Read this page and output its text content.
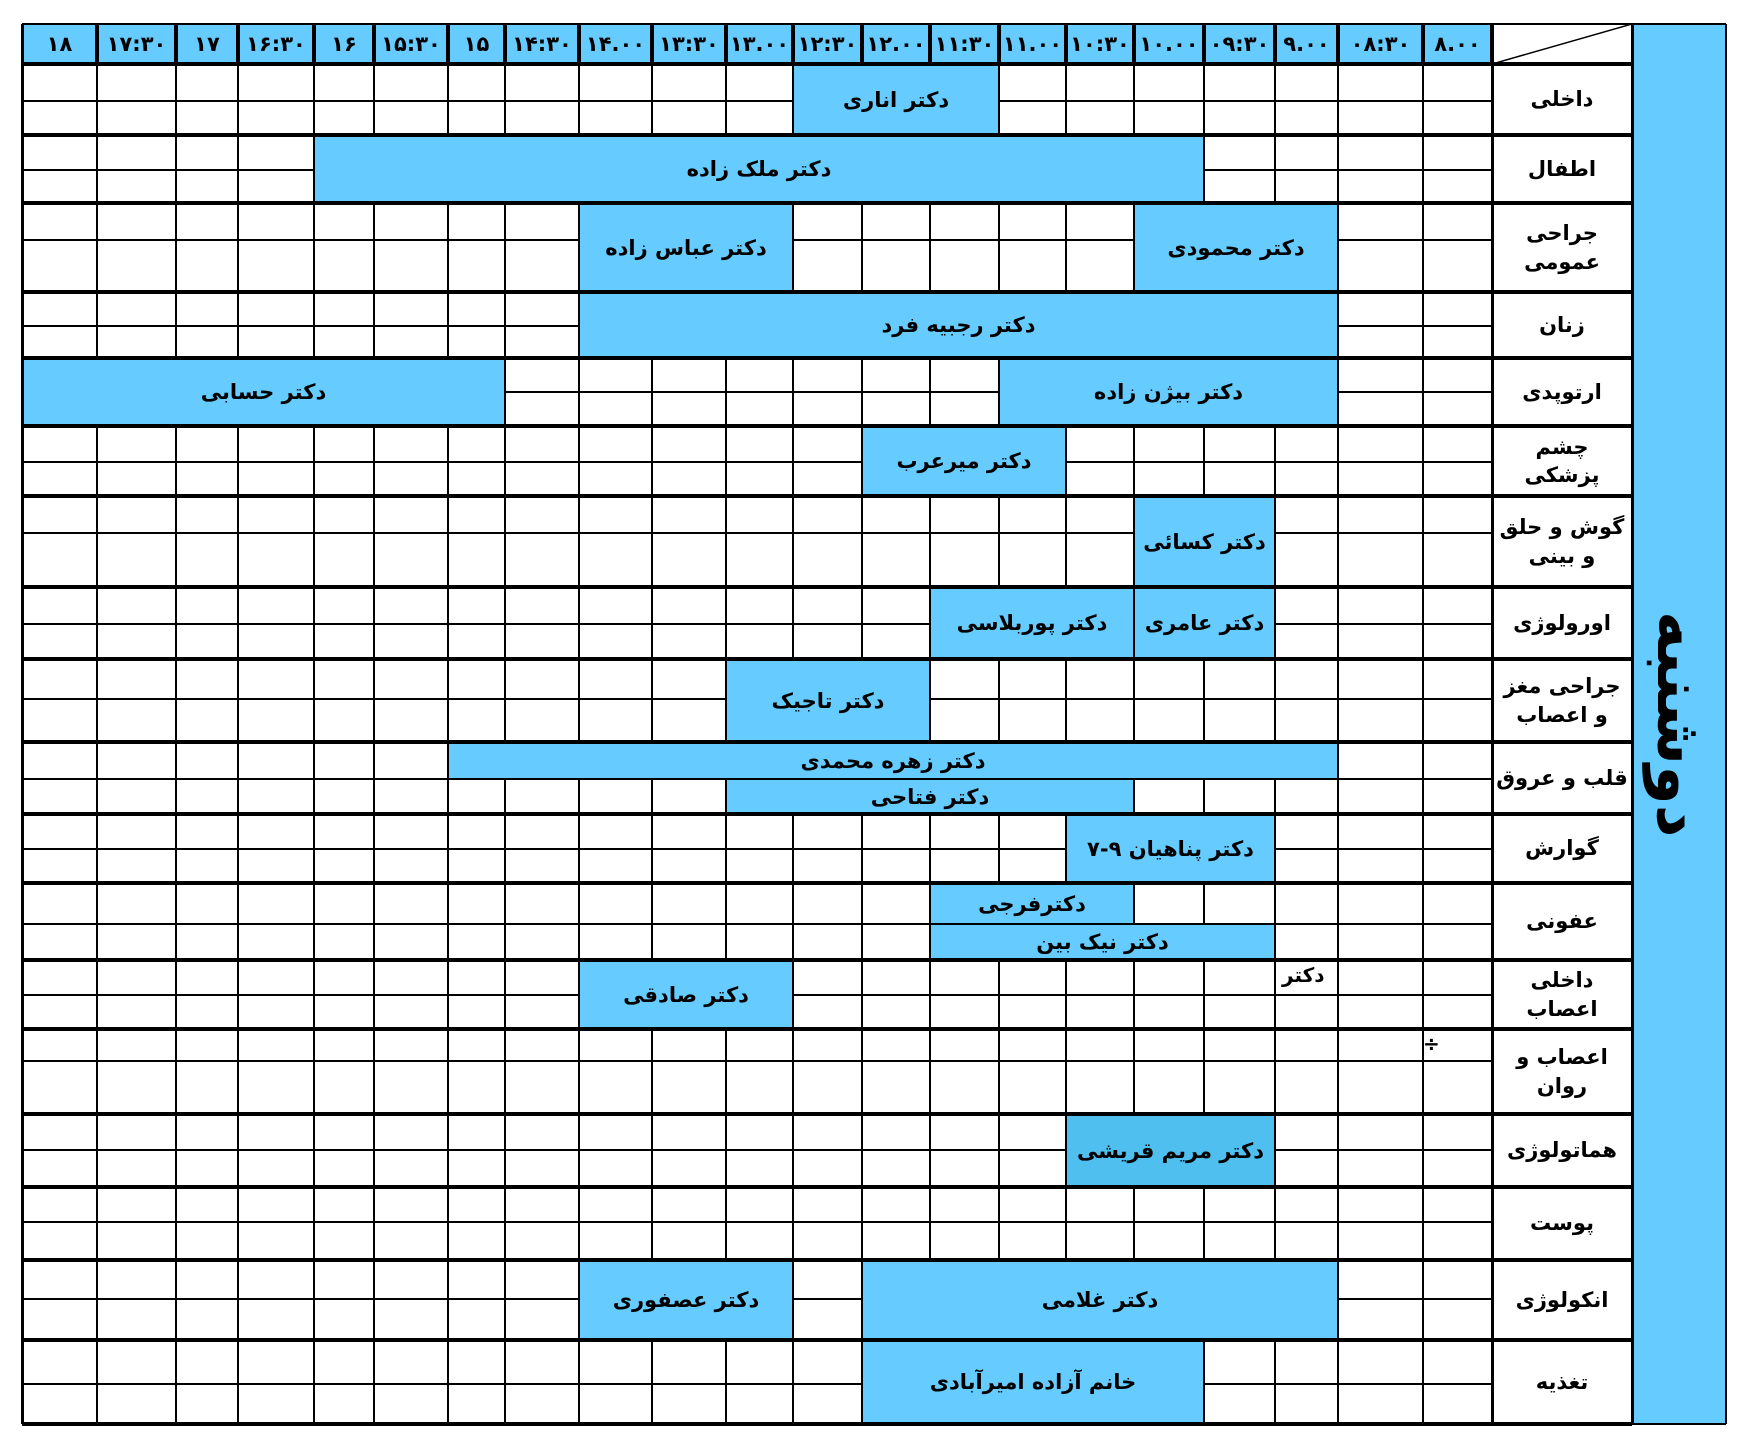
دوشنبه
۸.۰۰
۰۸:۳۰
۹.۰۰
۰۹:۳۰
۱۰.۰۰
۱۰:۳۰
۱۱.۰۰
۱۱:۳۰
۱۲.۰۰
۱۲:۳۰
۱۳.۰۰
۱۳:۳۰
۱۴.۰۰
۱۴:۳۰
۱۵
۱۵:۳۰
۱۶
۱۶:۳۰
۱۷
۱۷:۳۰
۱۸
دکتر اناری
دکتر ملک زاده
دکتر محمودی
دکتر عباس زاده
دکتر رجبیه فرد
دکتر بیژن زاده
دکتر حسابی
دکتر میرعرب
دکتر کسائی
دکتر عامری
دکتر پوربلاسی
دکتر تاجیک
دکتر زهره محمدی
دکتر فتاحی
دکتر پناهیان ۹-۷
دکترفرجی
دکتر نیک بین
دکتر صادقی
دکتر مریم قریشی
دکتر غلامی
دکتر عصفوری
خانم آزاده امیرآبادی
داخلی
اطفال
جراحی عمومی
زنان
ارتوپدی
چشم پزشکی
گوش و حلق و بینی
اورولوژی
جراحی مغز و اعصاب
قلب و عروق
گوارش
عفونی
داخلی اعصاب
اعصاب و روان
هماتولوژی
پوست
انکولوژی
تغذیه
دکتر
÷
